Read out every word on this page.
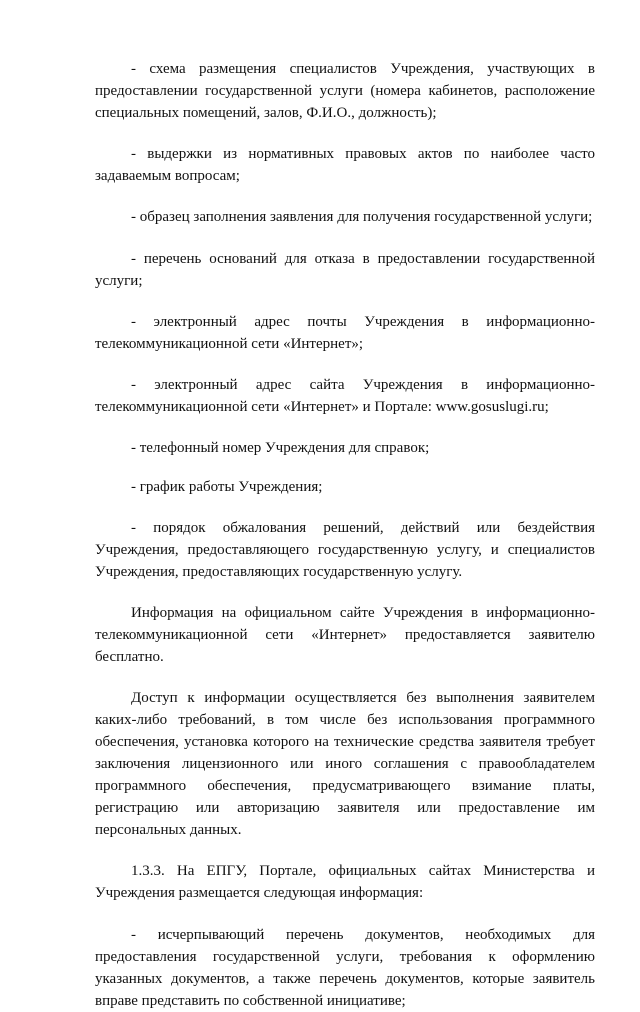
- схема размещения специалистов Учреждения, участвующих в предоставлении государственной услуги (номера кабинетов, расположение специальных помещений, залов, Ф.И.О., должность);

- выдержки из нормативных правовых актов по наиболее часто задаваемым вопросам;

- образец заполнения заявления для получения государственной услуги;

- перечень оснований для отказа в предоставлении государственной услуги;

- электронный адрес почты Учреждения в информационно-телекоммуникационной сети «Интернет»;

- электронный адрес сайта Учреждения в информационно-телекоммуникационной сети «Интернет» и Портале: www.gosuslugi.ru;

- телефонный номер Учреждения для справок;

- график работы Учреждения;

- порядок обжалования решений, действий или бездействия Учреждения, предоставляющего государственную услугу, и специалистов Учреждения, предоставляющих государственную услугу.

Информация на официальном сайте Учреждения в информационно-телекоммуникационной сети «Интернет» предоставляется заявителю бесплатно.

Доступ к информации осуществляется без выполнения заявителем каких-либо требований, в том числе без использования программного обеспечения, установка которого на технические средства заявителя требует заключения лицензионного или иного соглашения с правообладателем программного обеспечения, предусматривающего взимание платы, регистрацию или авторизацию заявителя или предоставление им персональных данных.

1.3.3. На ЕПГУ, Портале, официальных сайтах Министерства и Учреждения размещается следующая информация:

- исчерпывающий перечень документов, необходимых для предоставления государственной услуги, требования к оформлению указанных документов, а также перечень документов, которые заявитель вправе представить по собственной инициативе;
